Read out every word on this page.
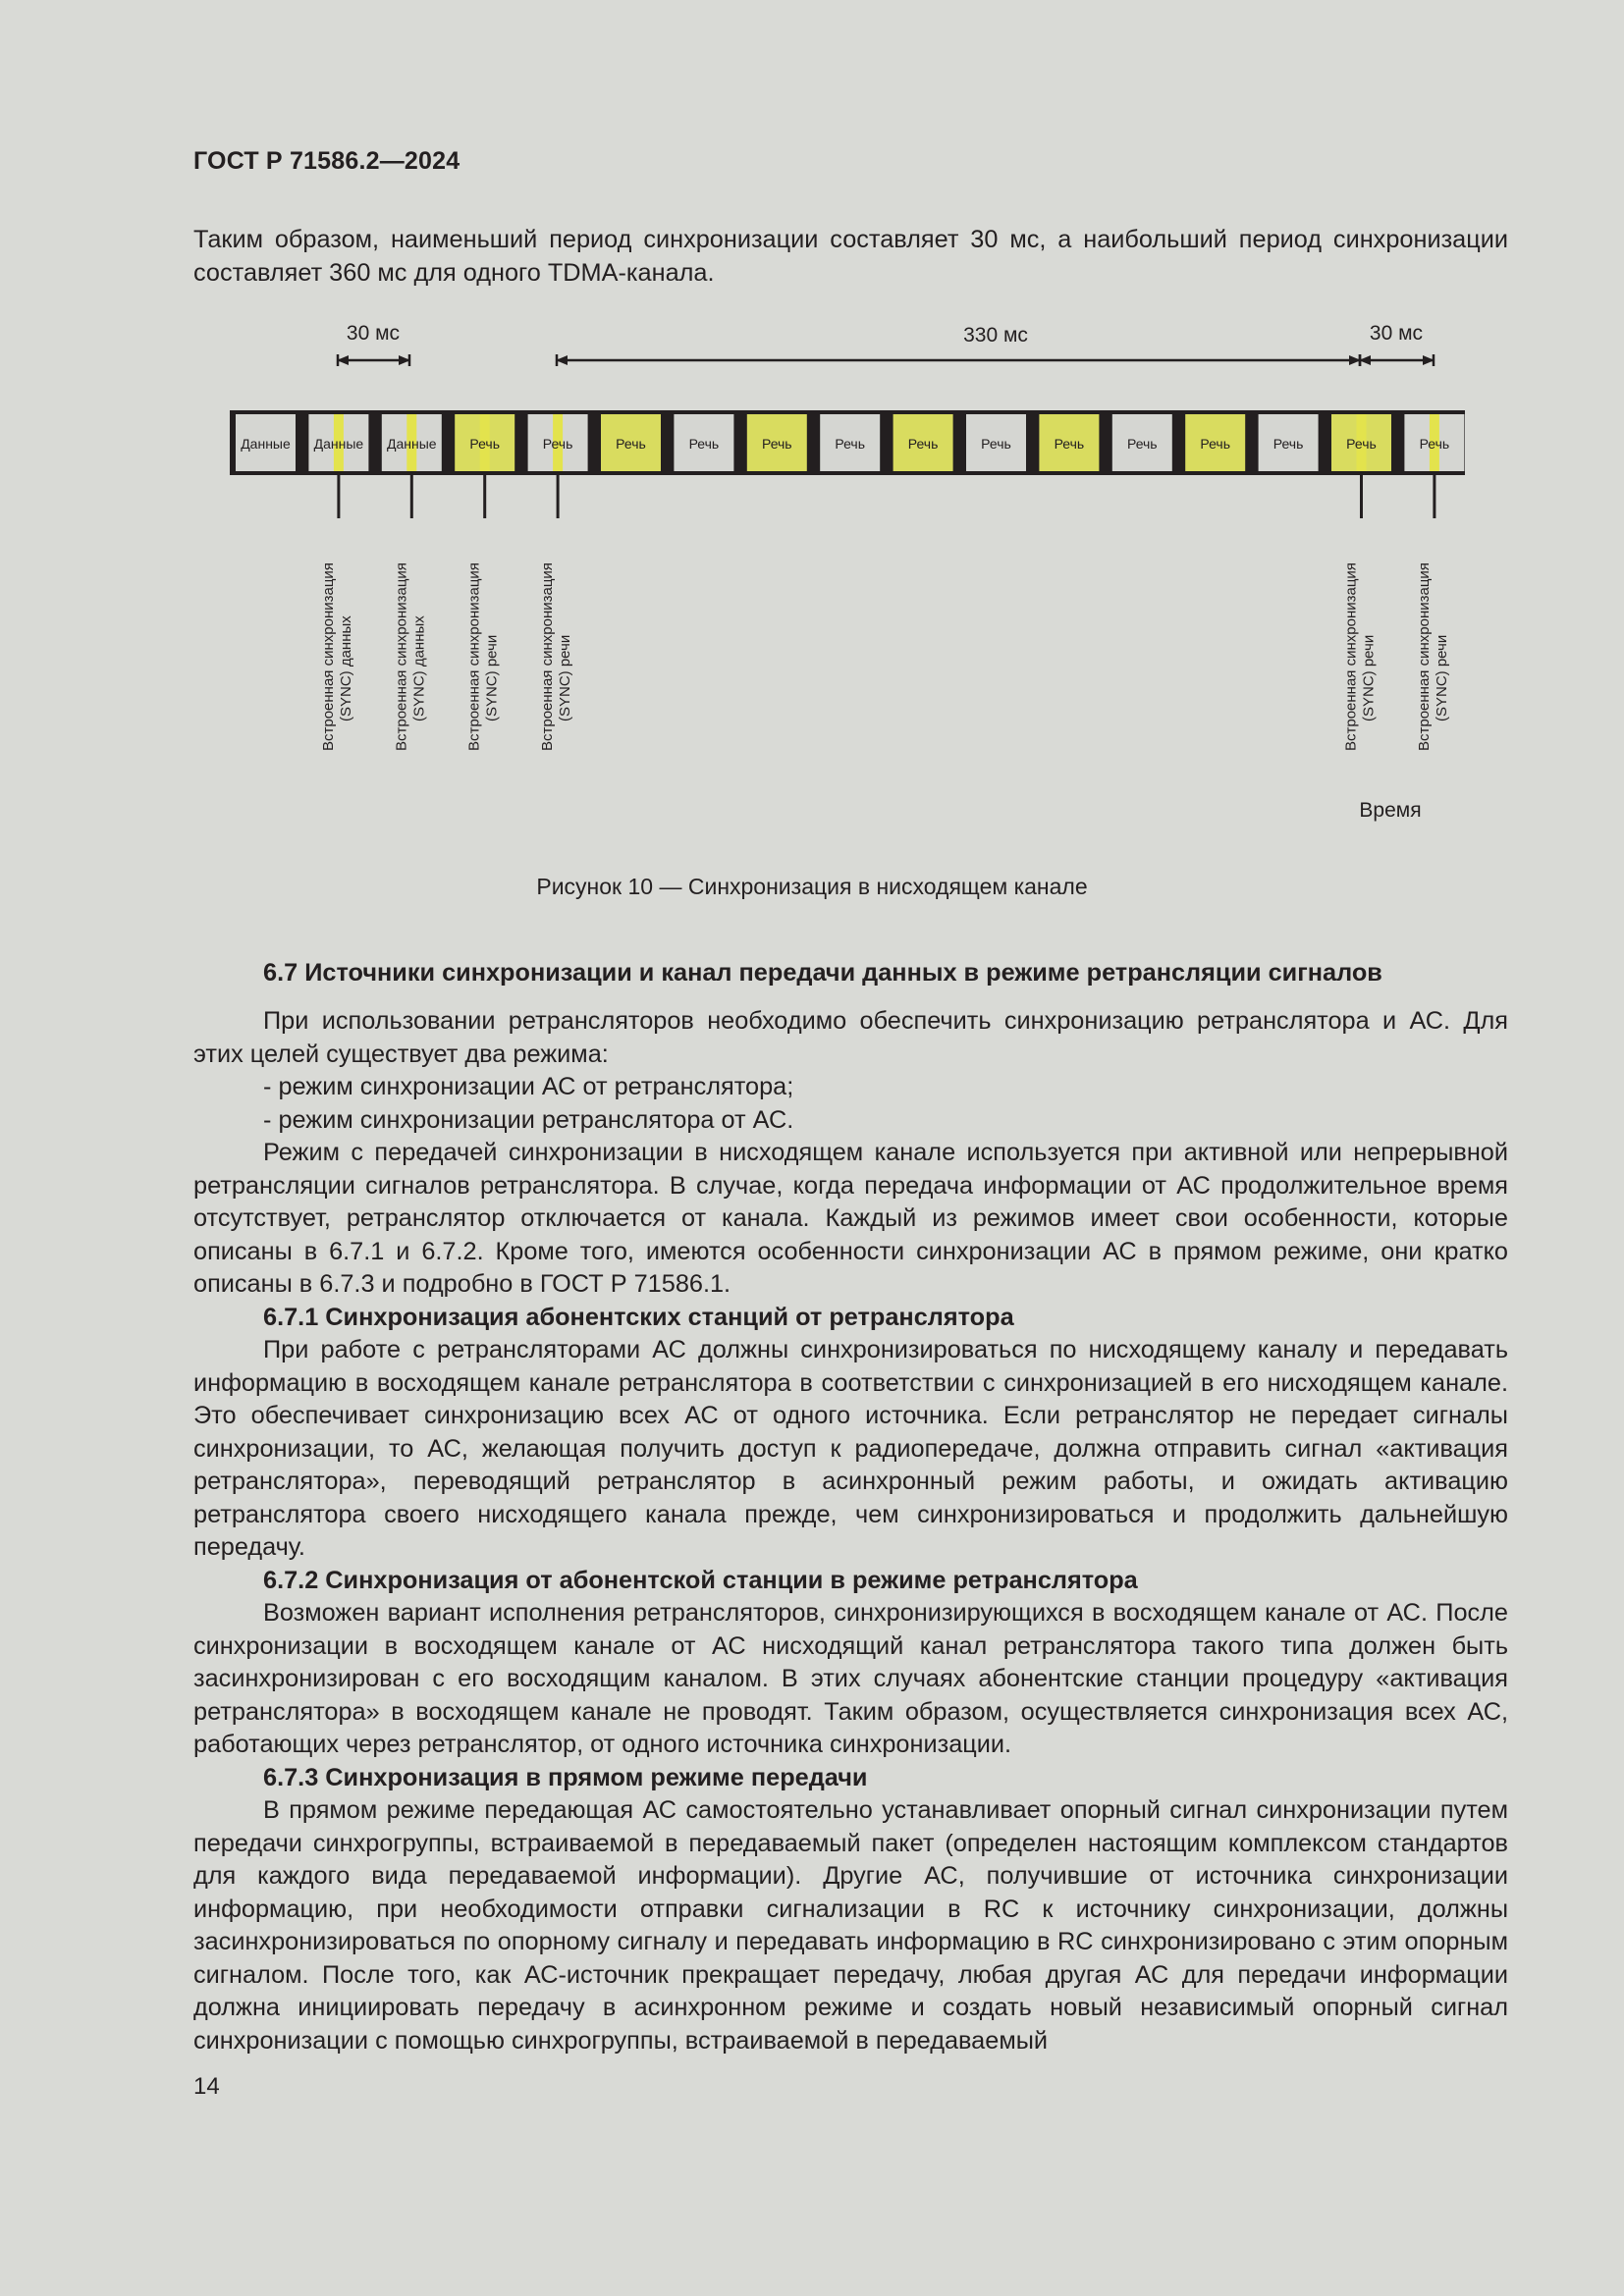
ГОСТ Р 71586.2—2024
Таким образом, наименьший период синхронизации составляет 30 мс, а наибольший период синхронизации составляет 360 мс для одного TDMA-канала.
30 мс	330 мс	30 мс
Данные Данные Данные Речь	Речь	Речь	Речь	Речь	Речь	Речь	Речь	Речь	Речь	Речь	Речь	Речь	Речь
Встроенная синхронизация (SYNC) данных	Встроенная синхронизация (SYNC) данных	Встроенная синхронизация (SYNC) речи	Встроенная синхронизация (SYNC) речи	Встроенная синхронизация (SYNC) речи	Встроенная синхронизация (SYNC) речи
Время
Рисунок 10 — Синхронизация в нисходящем канале
6.7 Источники синхронизации и канал передачи данных в режиме ретрансляции сигналов

При использовании ретрансляторов необходимо обеспечить синхронизацию ретранслятора и АС. Для этих целей существует два режима:

- режим синхронизации АС от ретранслятора;
- режим синхронизации ретранслятора от АС.

Режим с передачей синхронизации в нисходящем канале используется при активной или непрерывной ретрансляции сигналов ретранслятора. В случае, когда передача информации от АС продолжительное время отсутствует, ретранслятор отключается от канала. Каждый из режимов имеет свои особенности, которые описаны в 6.7.1 и 6.7.2. Кроме того, имеются особенности синхронизации АС в прямом режиме, они кратко описаны в 6.7.3 и подробно в ГОСТ Р 71586.1.

6.7.1 Синхронизация абонентских станций от ретранслятора

При работе с ретрансляторами АС должны синхронизироваться по нисходящему каналу и передавать информацию в восходящем канале ретранслятора в соответствии с синхронизацией в его нисходящем канале. Это обеспечивает синхронизацию всех АС от одного источника. Если ретранслятор не передает сигналы синхронизации, то АС, желающая получить доступ к радиопередаче, должна отправить сигнал «активация ретранслятора», переводящий ретранслятор в асинхронный режим работы, и ожидать активацию ретранслятора своего нисходящего канала прежде, чем синхронизироваться и продолжить дальнейшую передачу.

6.7.2 Синхронизация от абонентской станции в режиме ретранслятора

Возможен вариант исполнения ретрансляторов, синхронизирующихся в восходящем канале от АС. После синхронизации в восходящем канале от АС нисходящий канал ретранслятора такого типа должен быть засинхронизирован с его восходящим каналом. В этих случаях абонентские станции процедуру «активация ретранслятора» в восходящем канале не проводят. Таким образом, осуществляется синхронизация всех АС, работающих через ретранслятор, от одного источника синхронизации.

6.7.3 Синхронизация в прямом режиме передачи

В прямом режиме передающая АС самостоятельно устанавливает опорный сигнал синхронизации путем передачи синхрогруппы, встраиваемой в передаваемый пакет (определен настоящим комплексом стандартов для каждого вида передаваемой информации). Другие АС, получившие от источника синхронизации информацию, при необходимости отправки сигнализации в RC к источнику синхронизации, должны засинхронизироваться по опорному сигналу и передавать информацию в RC синхронизировано с этим опорным сигналом. После того, как АС-источник прекращает передачу, любая другая АС для передачи информации должна инициировать передачу в асинхронном режиме и создать новый независимый опорный сигнал синхронизации с помощью синхрогруппы, встраиваемой в передаваемый

14
